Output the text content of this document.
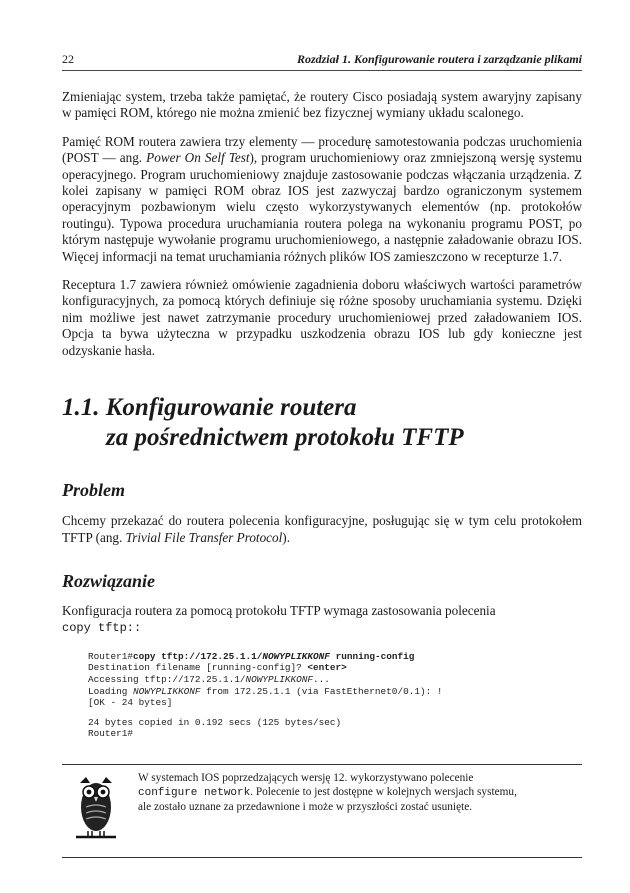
22	Rozdział 1. Konfigurowanie routera i zarządzanie plikami

Zmieniając system, trzeba także pamiętać, że routery Cisco posiadają system awaryjny zapisany w pamięci ROM, którego nie można zmienić bez fizycznej wymiany układu scalonego.

Pamięć ROM routera zawiera trzy elementy — procedurę samotestowania podczas uruchomienia (POST — ang. Power On Self Test), program uruchomieniowy oraz zmniejszoną wersję systemu operacyjnego. Program uruchomieniowy znajduje zastosowanie podczas włączania urządzenia. Z kolei zapisany w pamięci ROM obraz IOS jest zazwyczaj bardzo ograniczonym systemem operacyjnym pozbawionym wielu często wykorzystywanych elementów (np. protokołów routingu). Typowa procedura uruchamiania routera polega na wykonaniu programu POST, po którym następuje wywołanie programu uruchomieniowego, a następnie załadowanie obrazu IOS. Więcej informacji na temat uruchamiania różnych plików IOS zamieszczono w recepturze 1.7.

Receptura 1.7 zawiera również omówienie zagadnienia doboru właściwych wartości parametrów konfiguracyjnych, za pomocą których definiuje się różne sposoby uruchamiania systemu. Dzięki nim możliwe jest nawet zatrzymanie procedury uruchomieniowej przed załadowaniem IOS. Opcja ta bywa użyteczna w przypadku uszkodzenia obrazu IOS lub gdy konieczne jest odzyskanie hasła.

1.1. Konfigurowanie routera
za pośrednictwem protokołu TFTP
Problem

Chcemy przekazać do routera polecenia konfiguracyjne, posługując się w tym celu protokołem TFTP (ang. Trivial File Transfer Protocol).

Rozwiązanie

Konfiguracja routera za pomocą protokołu TFTP wymaga zastosowania polecenia
copy tftp::

Router1#copy tftp://172.25.1.1/NOWYPLIKKONF running-config
Destination filename [running-config]? <enter>
Accessing tftp://172.25.1.1/NOWYPLIKKONF...
Loading NOWYPLIKKONF from 172.25.1.1 (via FastEthernet0/0.1): !
[OK - 24 bytes]
24 bytes copied in 0.192 secs (125 bytes/sec)
Router1#
W systemach IOS poprzedzających wersję 12. wykorzystywano polecenie
configure network. Polecenie to jest dostępne w kolejnych wersjach systemu,
ale zostało uznane za przedawnione i może w przyszłości zostać usunięte.
